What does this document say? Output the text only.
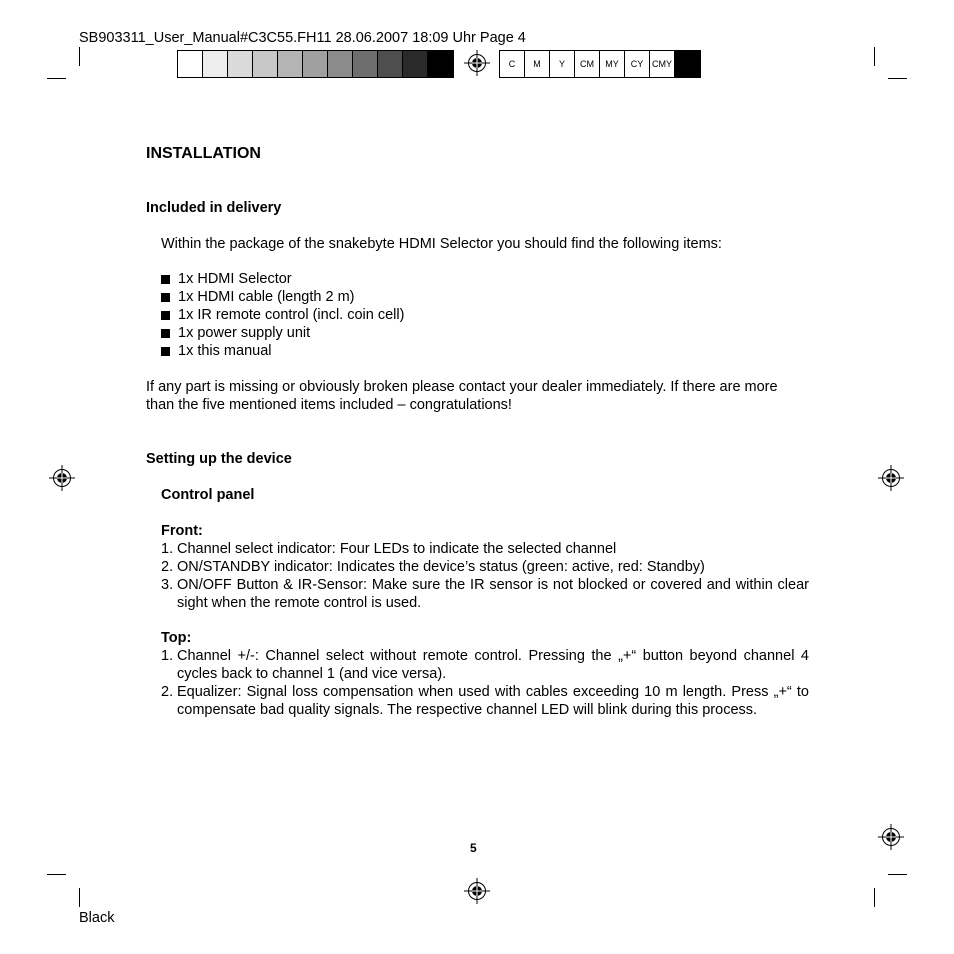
SB903311_User_Manual#C3C55.FH11 28.06.2007 18:09 Uhr Page 4
C	M	Y	CM	MY	CY CMY
INSTALLATION
Included in delivery
Within the package of the snakebyte HDMI Selector you should find the following items:
1x HDMI Selector
1x HDMI cable (length 2 m)
1x IR remote control (incl. coin cell)
1x power supply unit
1x this manual
If any part is missing or obviously broken please contact your dealer immediately. If there are more
than the five mentioned items included – congratulations!
Setting up the device
Control panel
Front:
1. Channel select indicator: Four LEDs to indicate the selected channel
2. ON/STANDBY indicator: Indicates the device’s status (green: active, red: Standby)
3. ON/OFF Button & IR-Sensor: Make sure the IR sensor is not blocked or covered and within clear sight when the remote control is used.
Top:
1. Channel +/-: Channel select without remote control. Pressing the „+“ button beyond channel 4 cycles back to channel 1 (and vice versa).
2. Equalizer: Signal loss compensation when used with cables exceeding 10 m length. Press „+“ to compensate bad quality signals. The respective channel LED will blink during this process.
5
Black
